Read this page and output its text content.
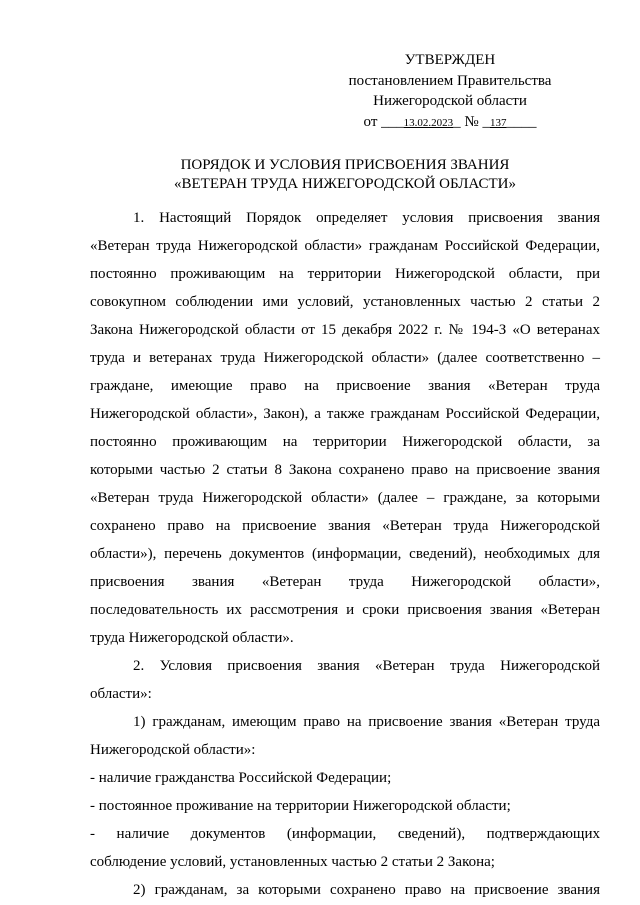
УТВЕРЖДЕН
постановлением Правительства
Нижегородской области
от ___13.02.2023_ № _137____
ПОРЯДОК И УСЛОВИЯ ПРИСВОЕНИЯ ЗВАНИЯ
«ВЕТЕРАН ТРУДА НИЖЕГОРОДСКОЙ ОБЛАСТИ»
1. Настоящий Порядок определяет условия присвоения звания
«Ветеран труда Нижегородской области» гражданам Российской Федерации,
постоянно проживающим на территории Нижегородской области, при
совокупном соблюдении ими условий, установленных частью 2 статьи 2
Закона Нижегородской области от 15 декабря 2022 г. № 194-З «О ветеранах
труда и ветеранах труда Нижегородской области» (далее соответственно –
граждане, имеющие право на присвоение звания «Ветеран труда
Нижегородской области», Закон), а также гражданам Российской Федерации,
постоянно проживающим на территории Нижегородской области, за
которыми частью 2 статьи 8 Закона сохранено право на присвоение звания
«Ветеран труда Нижегородской области» (далее – граждане, за которыми
сохранено право на присвоение звания «Ветеран труда Нижегородской
области»), перечень документов (информации, сведений), необходимых для
присвоения звания «Ветеран труда Нижегородской области»,
последовательность их рассмотрения и сроки присвоения звания «Ветеран
труда Нижегородской области».
2. Условия присвоения звания «Ветеран труда Нижегородской
области»:
1) гражданам, имеющим право на присвоение звания «Ветеран труда
Нижегородской области»:
- наличие гражданства Российской Федерации;
- постоянное проживание на территории Нижегородской области;
- наличие документов (информации, сведений), подтверждающих
соблюдение условий, установленных частью 2 статьи 2 Закона;
2) гражданам, за которыми сохранено право на присвоение звания
